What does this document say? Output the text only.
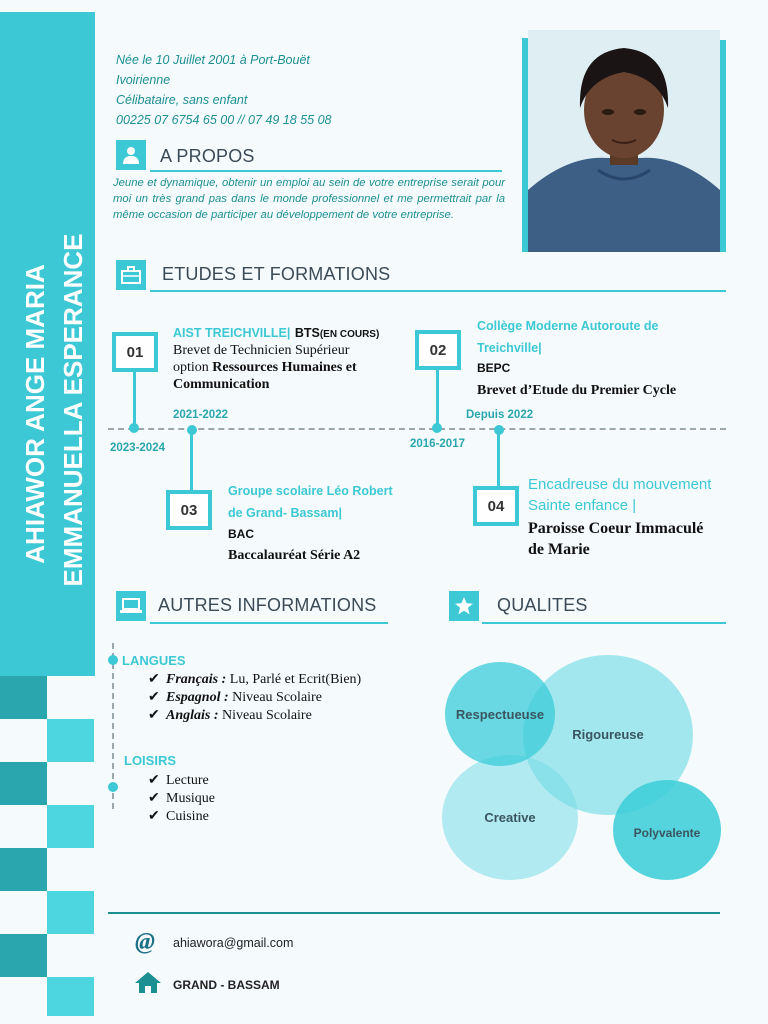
AHIAWOR ANGE MARIA EMMANUELLA ESPERANCE
Née le 10 Juillet 2001 à Port-Bouët
Ivoirienne
Célibataire, sans enfant
00225 07 6754 65 00 // 07 49 18 55 08
A PROPOS
Jeune et dynamique, obtenir un emploi au sein de votre entreprise serait pour moi un très grand pas dans le monde professionnel et me permettrait par la même occasion de participer au développement de votre entreprise.
ETUDES ET FORMATIONS
01
AIST TREICHVILLE| BTS(EN COURS)
Brevet de Technicien Supérieur option Ressources Humaines et Communication
2023-2024
02
Collège Moderne Autoroute de
Treichville|
BEPC
Brevet d’Etude du Premier Cycle
2016-2017
03
2021-2022
Groupe scolaire Léo Robert
de Grand- Bassam|
BAC
Baccalauréat Série A2
04
Depuis 2022
Encadreuse du mouvement
Sainte enfance |
Paroisse Coeur Immaculé
de Marie
AUTRES INFORMATIONS
LANGUES
✔ Français : Lu, Parlé et Ecrit(Bien)
✔ Espagnol : Niveau Scolaire
✔ Anglais : Niveau Scolaire
LOISIRS
✔ Lecture
✔ Musique
✔ Cuisine
QUALITES
Rigoureuse
Creative
Respectueuse
Polyvalente
@ ahiawora@gmail.com
GRAND - BASSAM
